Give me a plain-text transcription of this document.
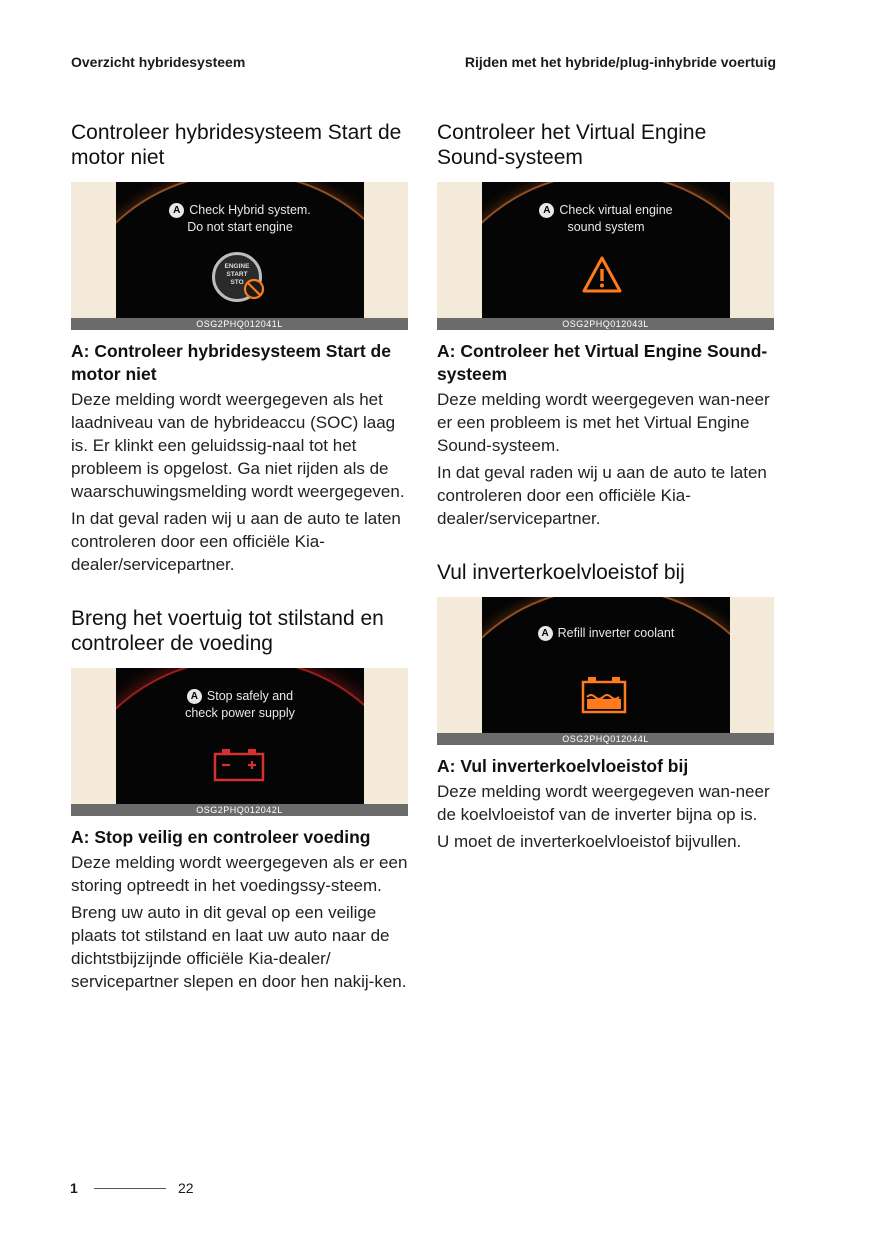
Overzicht hybridesysteem	Rijden met het hybride/plug-inhybride voertuig
Controleer hybridesysteem Start de motor niet
A Check Hybrid system.
Do not start engine
ENGINE
START
STO
OSG2PHQ012041L
A: Controleer hybridesysteem Start de motor niet

Deze melding wordt weergegeven als het laadniveau van de hybrideaccu (SOC) laag is. Er klinkt een geluidssig-naal tot het probleem is opgelost. Ga niet rijden als de waarschuwingsmelding wordt weergegeven.

In dat geval raden wij u aan de auto te laten controleren door een officiële Kia-dealer/servicepartner.

Breng het voertuig tot stilstand en controleer de voeding
A Stop safely and
check power supply
OSG2PHQ012042L
A: Stop veilig en controleer voeding

Deze melding wordt weergegeven als er een storing optreedt in het voedingssy-steem.

Breng uw auto in dit geval op een veilige plaats tot stilstand en laat uw auto naar de dichtstbijzijnde officiële Kia-dealer/ servicepartner slepen en door hen nakij-ken.

Controleer het Virtual Engine Sound-systeem
A Check virtual engine
sound system
OSG2PHQ012043L
A: Controleer het Virtual Engine Sound-systeem

Deze melding wordt weergegeven wan-neer er een probleem is met het Virtual Engine Sound-systeem.

In dat geval raden wij u aan de auto te laten controleren door een officiële Kia-dealer/servicepartner.

Vul inverterkoelvloeistof bij
A Refill inverter coolant
OSG2PHQ012044L
A: Vul inverterkoelvloeistof bij

Deze melding wordt weergegeven wan-neer de koelvloeistof van de inverter bijna op is.

U moet de inverterkoelvloeistof bijvullen.

1	22
